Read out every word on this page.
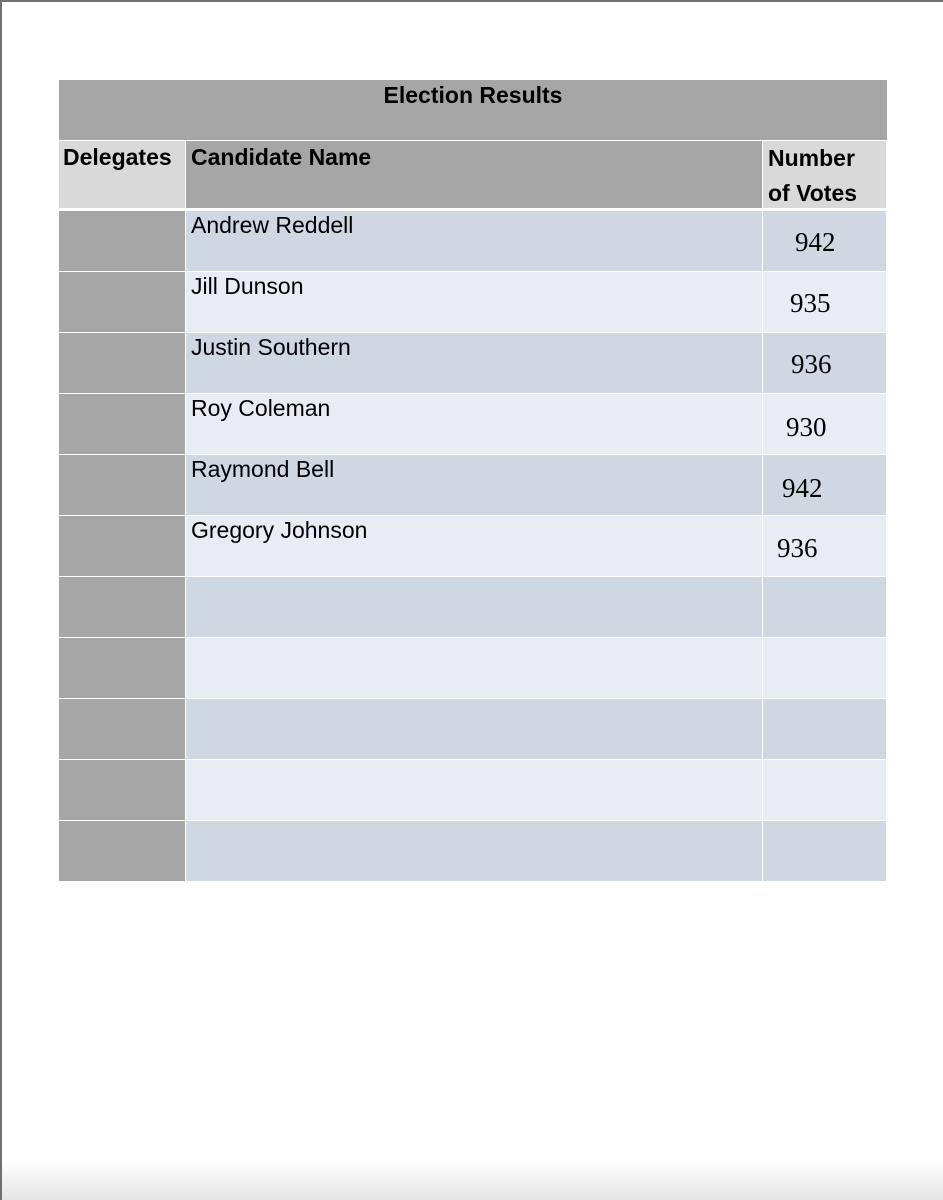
Election Results
Delegates Candidate Name	Number
of Votes
Andrew Reddell
942
Jill Dunson
935
Justin Southern
936
Roy Coleman
930
Raymond Bell
942
Gregory Johnson
936
